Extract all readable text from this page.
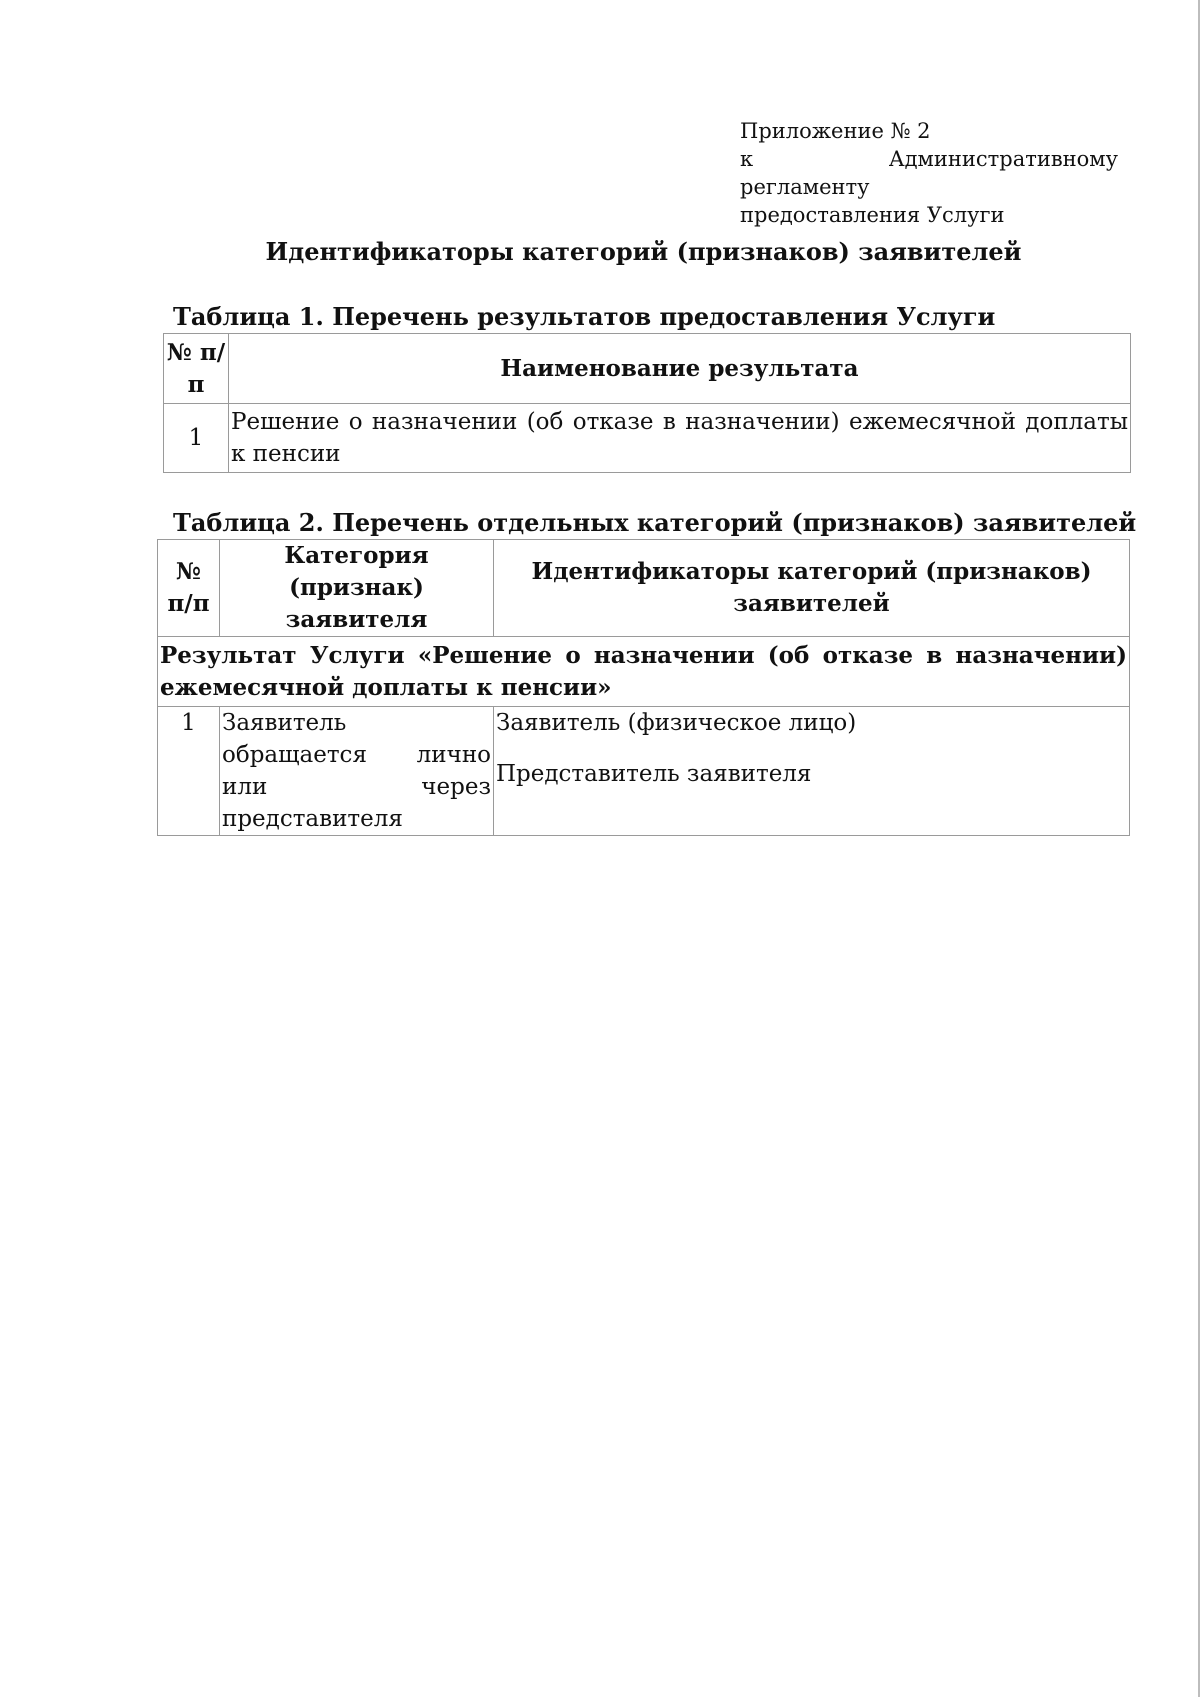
Приложение № 2
к Административному регламенту
предоставления Услуги
Идентификаторы категорий (признаков) заявителей
Таблица 1. Перечень результатов предоставления Услуги
№ п/п	Наименование результата
1	Решение о назначении (об отказе в назначении) ежемесячной доплаты к пенсии
Таблица 2. Перечень отдельных категорий (признаков) заявителей
№ п/п	Категория (признак) заявителя	Идентификаторы категорий (признаков) заявителей
Результат Услуги «Решение о назначении (об отказе в назначении) ежемесячной доплаты к пенсии»		
1	Заявитель обращается лично или через представителя	Заявитель (физическое лицо)
Представитель заявителя
